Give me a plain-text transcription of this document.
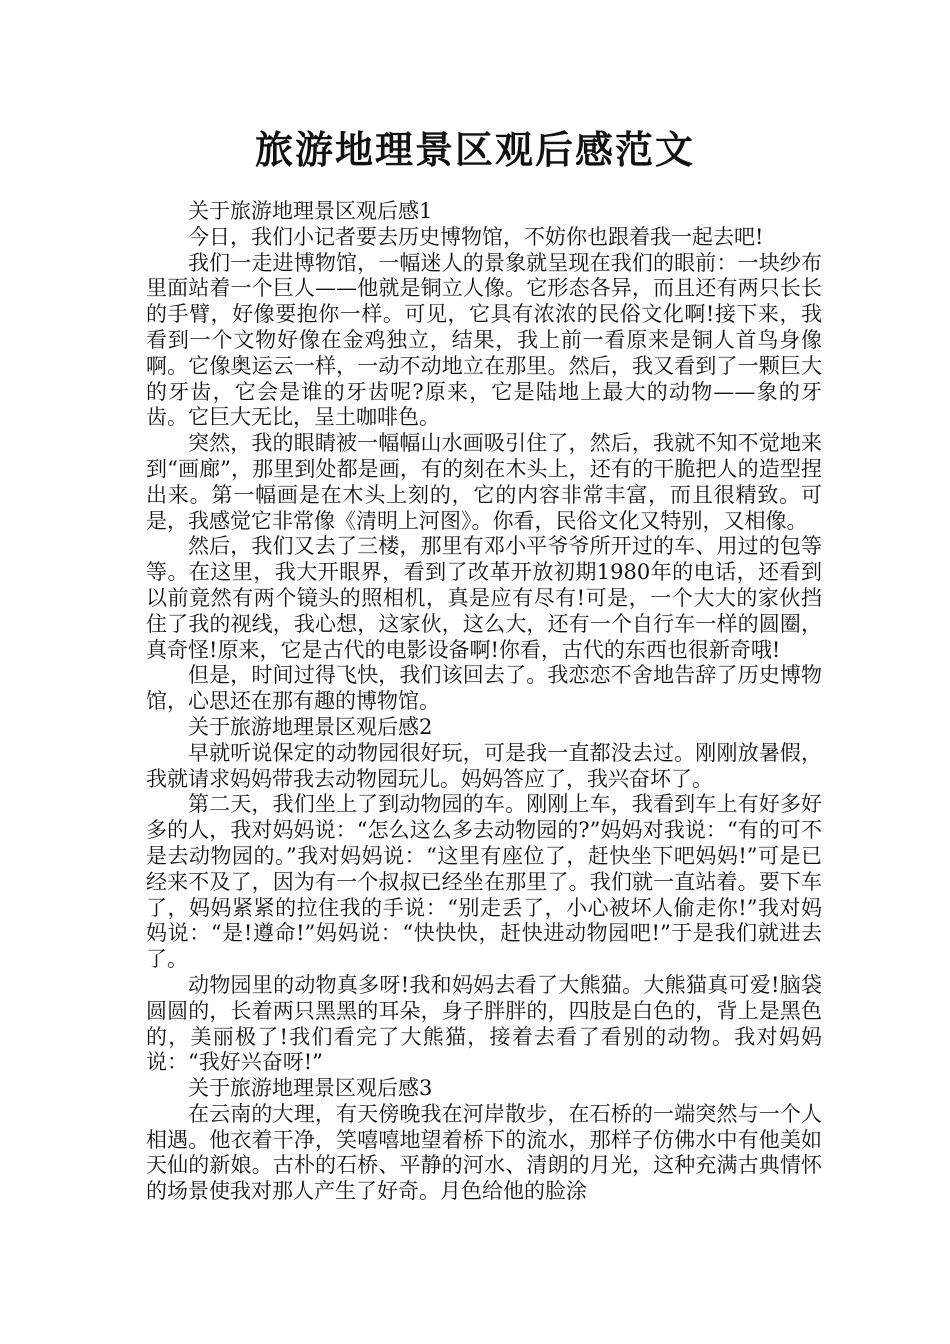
旅游地理景区观后感范文

关于旅游地理景区观后感1

今日，我们小记者要去历史博物馆，不妨你也跟着我一起去吧!

我们一走进博物馆，一幅迷人的景象就呈现在我们的眼前：一块纱布里面站着一个巨人——他就是铜立人像。它形态各异，而且还有两只长长的手臂，好像要抱你一样。可见，它具有浓浓的民俗文化啊!接下来，我看到一个文物好像在金鸡独立，结果，我上前一看原来是铜人首鸟身像啊。它像奥运云一样，一动不动地立在那里。然后，我又看到了一颗巨大的牙齿，它会是谁的牙齿呢?原来，它是陆地上最大的动物——象的牙齿。它巨大无比，呈土咖啡色。

突然，我的眼睛被一幅幅山水画吸引住了，然后，我就不知不觉地来到“画廊”，那里到处都是画，有的刻在木头上，还有的干脆把人的造型捏出来。第一幅画是在木头上刻的，它的内容非常丰富，而且很精致。可是，我感觉它非常像《清明上河图》。你看，民俗文化又特别，又相像。

然后，我们又去了三楼，那里有邓小平爷爷所开过的车、用过的包等等。在这里，我大开眼界，看到了改革开放初期1980年的电话，还看到以前竟然有两个镜头的照相机，真是应有尽有!可是，一个大大的家伙挡住了我的视线，我心想，这家伙，这么大，还有一个自行车一样的圆圈，真奇怪!原来，它是古代的电影设备啊!你看，古代的东西也很新奇哦!

但是，时间过得飞快，我们该回去了。我恋恋不舍地告辞了历史博物馆，心思还在那有趣的博物馆。

关于旅游地理景区观后感2

早就听说保定的动物园很好玩，可是我一直都没去过。刚刚放暑假，我就请求妈妈带我去动物园玩儿。妈妈答应了，我兴奋坏了。

第二天，我们坐上了到动物园的车。刚刚上车，我看到车上有好多好多的人，我对妈妈说：“怎么这么多去动物园的?”妈妈对我说：“有的可不是去动物园的。”我对妈妈说：“这里有座位了，赶快坐下吧妈妈!”可是已经来不及了，因为有一个叔叔已经坐在那里了。我们就一直站着。要下车了，妈妈紧紧的拉住我的手说：“别走丢了，小心被坏人偷走你!”我对妈妈说：“是!遵命!”妈妈说：“快快快，赶快进动物园吧!”于是我们就进去了。

动物园里的动物真多呀!我和妈妈去看了大熊猫。大熊猫真可爱!脑袋圆圆的，长着两只黑黑的耳朵，身子胖胖的，四肢是白色的，背上是黑色的，美丽极了!我们看完了大熊猫，接着去看了看别的动物。我对妈妈说：“我好兴奋呀!”

关于旅游地理景区观后感3

在云南的大理，有天傍晚我在河岸散步，在石桥的一端突然与一个人相遇。他衣着干净，笑嘻嘻地望着桥下的流水，那样子仿佛水中有他美如天仙的新娘。古朴的石桥、平静的河水、清朗的月光，这种充满古典情怀的场景使我对那人产生了好奇。月色给他的脸涂
